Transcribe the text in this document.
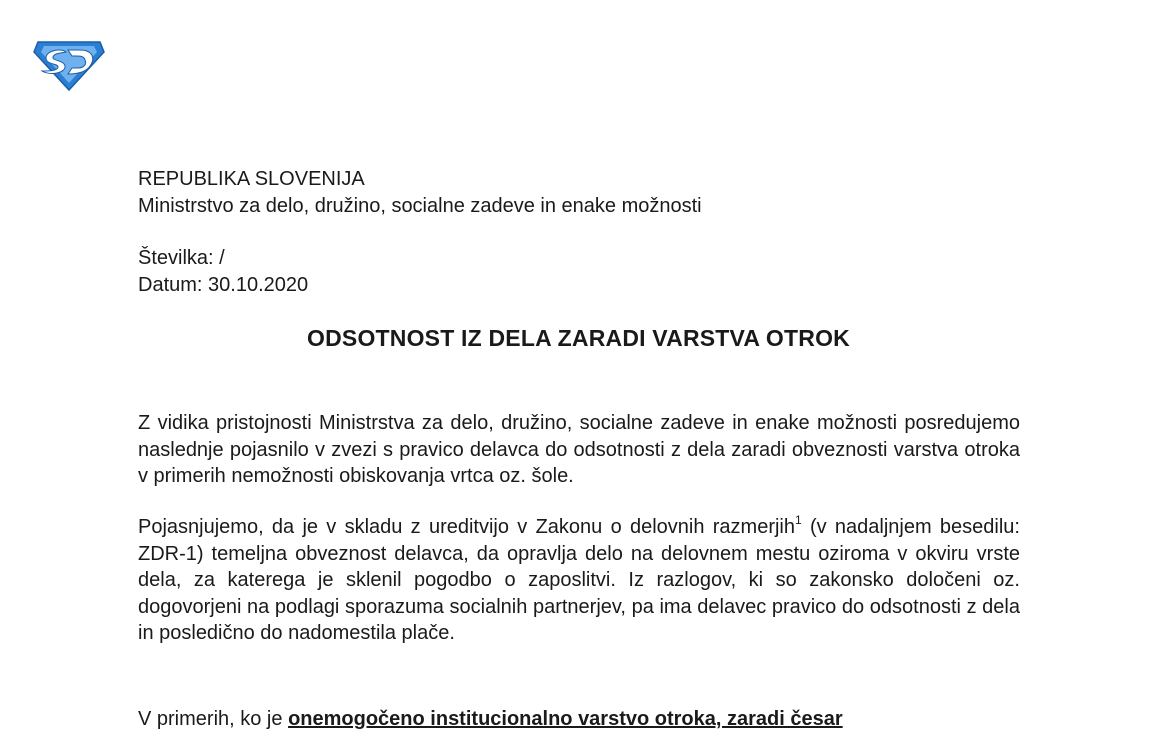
REPUBLIKA SLOVENIJA
Ministrstvo za delo, družino, socialne zadeve in enake možnosti
Številka: /
Datum: 30.10.2020
ODSOTNOST IZ DELA ZARADI VARSTVA OTROK
Z vidika pristojnosti Ministrstva za delo, družino, socialne zadeve in enake možnosti posredujemo naslednje pojasnilo v zvezi s pravico delavca do odsotnosti z dela zaradi obveznosti varstva otroka v primerih nemožnosti obiskovanja vrtca oz. šole.
Pojasnjujemo, da je v skladu z ureditvijo v Zakonu o delovnih razmerjih$^1$ (v nadaljnjem besedilu: ZDR-1) temeljna obveznost delavca, da opravlja delo na delovnem mestu oziroma v okviru vrste dela, za katerega je sklenil pogodbo o zaposlitvi. Iz razlogov, ki so zakonsko določeni oz. dogovorjeni na podlagi sporazuma socialnih partnerjev, pa ima delavec pravico do odsotnosti z dela in posledično do nadomestila plače.
V primerih, ko je onemogočeno institucionalno varstvo otroka, zaradi česar
